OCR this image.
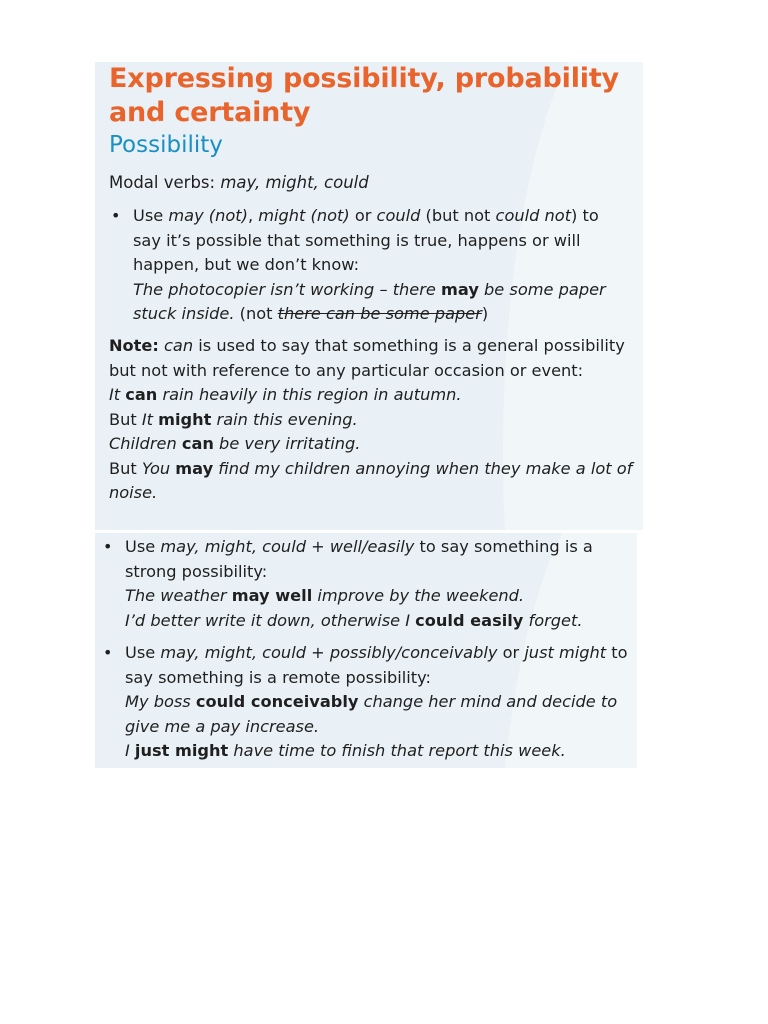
Expressing possibility, probability and certainty
Possibility
Modal verbs: may, might, could
• Use may (not), might (not) or could (but not could not) to say it’s possible that something is true, happens or will happen, but we don’t know:
The photocopier isn’t working – there may be some paper stuck inside. (not there can be some paper)
Note: can is used to say that something is a general possibility but not with reference to any particular occasion or event:
It can rain heavily in this region in autumn.
But It might rain this evening.
Children can be very irritating.
But You may find my children annoying when they make a lot of noise.
• Use may, might, could + well/easily to say something is a strong possibility:
The weather may well improve by the weekend.
I’d better write it down, otherwise I could easily forget.
• Use may, might, could + possibly/conceivably or just might to say something is a remote possibility:
My boss could conceivably change her mind and decide to give me a pay increase.
I just might have time to finish that report this week.
